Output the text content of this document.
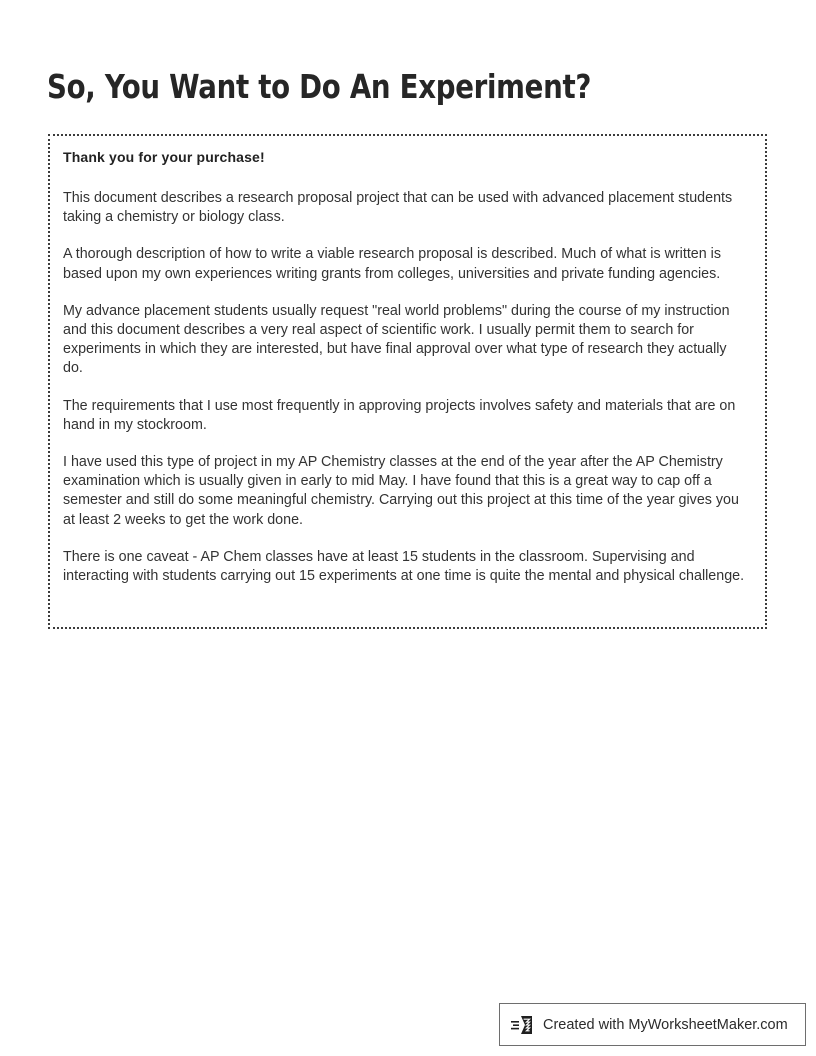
So, You Want to Do An Experiment?

Thank you for your purchase!

This document describes a research proposal project that can be used with advanced placement students taking a chemistry or biology class.

A thorough description of how to write a viable research proposal is described. Much of what is written is based upon my own experiences writing grants from colleges, universities and private funding agencies.

My advance placement students usually request "real world problems" during the course of my instruction and this document describes a very real aspect of scientific work. I usually permit them to search for experiments in which they are interested, but have final approval over what type of research they actually do.

The requirements that I use most frequently in approving projects involves safety and materials that are on hand in my stockroom.

I have used this type of project in my AP Chemistry classes at the end of the year after the AP Chemistry examination which is usually given in early to mid May. I have found that this is a great way to cap off a semester and still do some meaningful chemistry. Carrying out this project at this time of the year gives you at least 2 weeks to get the work done.

There is one caveat - AP Chem classes have at least 15 students in the classroom. Supervising and interacting with students carrying out 15 experiments at one time is quite the mental and physical challenge.

Created with MyWorksheetMaker.com
